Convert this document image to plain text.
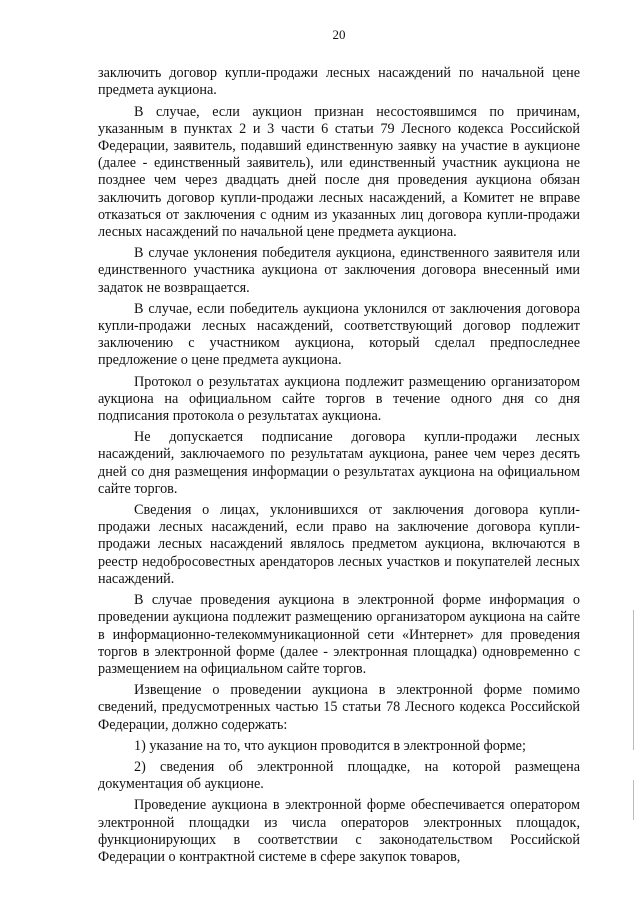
20

заключить договор купли-продажи лесных насаждений по начальной цене предмета аукциона.

В случае, если аукцион признан несостоявшимся по причинам, указанным в пунктах 2 и 3 части 6 статьи 79 Лесного кодекса Российской Федерации, заявитель, подавший единственную заявку на участие в аукционе (далее - единственный заявитель), или единственный участник аукциона не позднее чем через двадцать дней после дня проведения аукциона обязан заключить договор купли-продажи лесных насаждений, а Комитет не вправе отказаться от заключения с одним из указанных лиц договора купли-продажи лесных насаждений по начальной цене предмета аукциона.

В случае уклонения победителя аукциона, единственного заявителя или единственного участника аукциона от заключения договора внесенный ими задаток не возвращается.

В случае, если победитель аукциона уклонился от заключения договора купли-продажи лесных насаждений, соответствующий договор подлежит заключению с участником аукциона, который сделал предпоследнее предложение о цене предмета аукциона.

Протокол о результатах аукциона подлежит размещению организатором аукциона на официальном сайте торгов в течение одного дня со дня подписания протокола о результатах аукциона.

Не допускается подписание договора купли-продажи лесных насаждений, заключаемого по результатам аукциона, ранее чем через десять дней со дня размещения информации о результатах аукциона на официальном сайте торгов.

Сведения о лицах, уклонившихся от заключения договора купли-продажи лесных насаждений, если право на заключение договора купли-продажи лесных насаждений являлось предметом аукциона, включаются в реестр недобросовестных арендаторов лесных участков и покупателей лесных насаждений.

В случае проведения аукциона в электронной форме информация о проведении аукциона подлежит размещению организатором аукциона на сайте в информационно-телекоммуникационной сети «Интернет» для проведения торгов в электронной форме (далее - электронная площадка) одновременно с размещением на официальном сайте торгов.

Извещение о проведении аукциона в электронной форме помимо сведений, предусмотренных частью 15 статьи 78 Лесного кодекса Российской Федерации, должно содержать:

1) указание на то, что аукцион проводится в электронной форме;

2) сведения об электронной площадке, на которой размещена документация об аукционе.

Проведение аукциона в электронной форме обеспечивается оператором электронной площадки из числа операторов электронных площадок, функционирующих в соответствии с законодательством Российской Федерации о контрактной системе в сфере закупок товаров,
